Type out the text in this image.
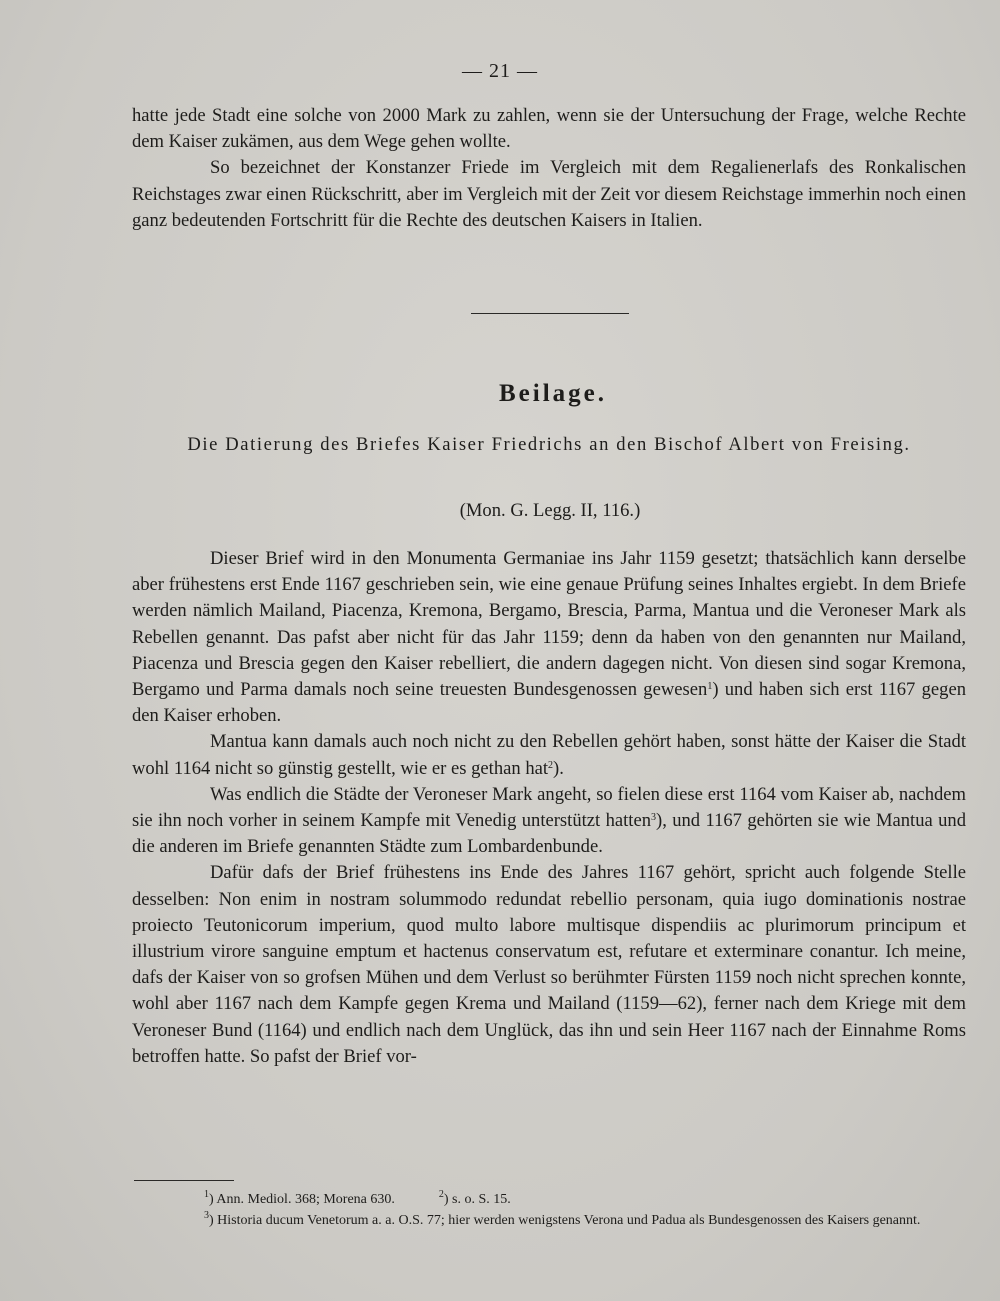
— 21 —

hatte jede Stadt eine solche von 2000 Mark zu zahlen, wenn sie der Untersuchung der Frage, welche Rechte dem Kaiser zukämen, aus dem Wege gehen wollte.

So bezeichnet der Konstanzer Friede im Vergleich mit dem Regalienerlafs des Ronkalischen Reichstages zwar einen Rückschritt, aber im Vergleich mit der Zeit vor diesem Reichstage immerhin noch einen ganz bedeutenden Fortschritt für die Rechte des deutschen Kaisers in Italien.

Beilage.
Die Datierung des Briefes Kaiser Friedrichs an den Bischof Albert von Freising.
(Mon. G. Legg. II, 116.)

Dieser Brief wird in den Monumenta Germaniae ins Jahr 1159 gesetzt; thatsächlich kann derselbe aber frühestens erst Ende 1167 geschrieben sein, wie eine genaue Prüfung seines Inhaltes ergiebt. In dem Briefe werden nämlich Mailand, Piacenza, Kremona, Bergamo, Brescia, Parma, Mantua und die Veroneser Mark als Rebellen genannt. Das pafst aber nicht für das Jahr 1159; denn da haben von den genannten nur Mailand, Piacenza und Brescia gegen den Kaiser rebelliert, die andern dagegen nicht. Von diesen sind sogar Kremona, Bergamo und Parma damals noch seine treuesten Bundesgenossen gewesen$^1$) und haben sich erst 1167 gegen den Kaiser erhoben.

Mantua kann damals auch noch nicht zu den Rebellen gehört haben, sonst hätte der Kaiser die Stadt wohl 1164 nicht so günstig gestellt, wie er es gethan hat$^2$).

Was endlich die Städte der Veroneser Mark angeht, so fielen diese erst 1164 vom Kaiser ab, nachdem sie ihn noch vorher in seinem Kampfe mit Venedig unterstützt hatten$^3$), und 1167 gehörten sie wie Mantua und die anderen im Briefe genannten Städte zum Lombardenbunde.

Dafür dafs der Brief frühestens ins Ende des Jahres 1167 gehört, spricht auch folgende Stelle desselben: Non enim in nostram solummodo redundat rebellio personam, quia iugo dominationis nostrae proiecto Teutonicorum imperium, quod multo labore multisque dispendiis ac plurimorum principum et illustrium virore sanguine emptum et hactenus conservatum est, refutare et exterminare conantur. Ich meine, dafs der Kaiser von so grofsen Mühen und dem Verlust so berühmter Fürsten 1159 noch nicht sprechen konnte, wohl aber 1167 nach dem Kampfe gegen Krema und Mailand (1159—62), ferner nach dem Kriege mit dem Veroneser Bund (1164) und endlich nach dem Unglück, das ihn und sein Heer 1167 nach der Einnahme Roms betroffen hatte. So pafst der Brief vor-

$^1$) Ann. Mediol. 368; Morena 630.	$^2$) s. o. S. 15.

$^3$) Historia ducum Venetorum a. a. O.S. 77; hier werden wenigstens Verona und Padua als Bundesgenossen des Kaisers genannt.
